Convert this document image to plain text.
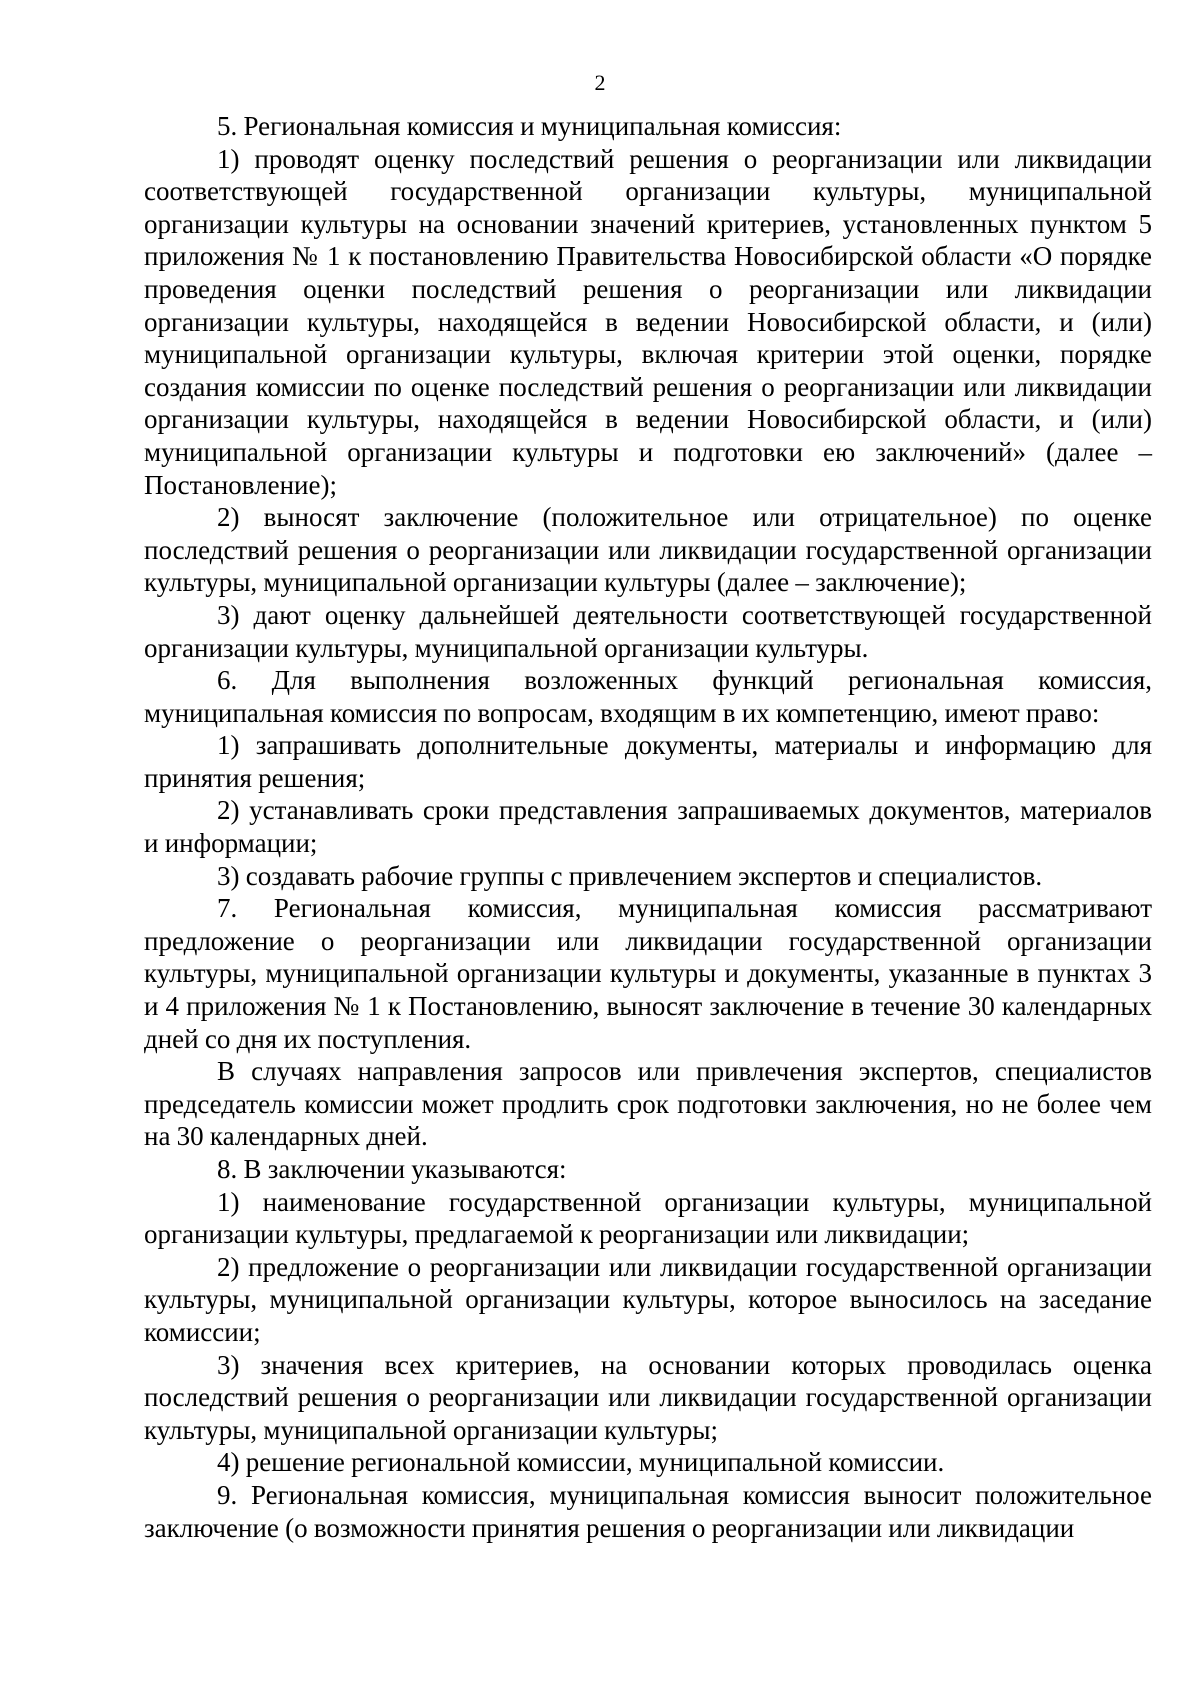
2

5. Региональная комиссия и муниципальная комиссия:

1) проводят оценку последствий решения о реорганизации или ликвидации соответствующей государственной организации культуры, муниципальной организации культуры на основании значений критериев, установленных пунктом 5 приложения № 1 к постановлению Правительства Новосибирской области «О порядке проведения оценки последствий решения о реорганизации или ликвидации организации культуры, находящейся в ведении Новосибирской области, и (или) муниципальной организации культуры, включая критерии этой оценки, порядке создания комиссии по оценке последствий решения о реорганизации или ликвидации организации культуры, находящейся в ведении Новосибирской области, и (или) муниципальной организации культуры и подготовки ею заключений» (далее – Постановление);

2) выносят заключение (положительное или отрицательное) по оценке последствий решения о реорганизации или ликвидации государственной организации культуры, муниципальной организации культуры (далее – заключение);

3) дают оценку дальнейшей деятельности соответствующей государственной организации культуры, муниципальной организации культуры.

6. Для выполнения возложенных функций региональная комиссия, муниципальная комиссия по вопросам, входящим в их компетенцию, имеют право:

1) запрашивать дополнительные документы, материалы и информацию для принятия решения;

2) устанавливать сроки представления запрашиваемых документов, материалов и информации;

3) создавать рабочие группы с привлечением экспертов и специалистов.

7. Региональная комиссия, муниципальная комиссия рассматривают предложение о реорганизации или ликвидации государственной организации культуры, муниципальной организации культуры и документы, указанные в пунктах 3 и 4 приложения № 1 к Постановлению, выносят заключение в течение 30 календарных дней со дня их поступления.

В случаях направления запросов или привлечения экспертов, специалистов председатель комиссии может продлить срок подготовки заключения, но не более чем на 30 календарных дней.

8. В заключении указываются:

1) наименование государственной организации культуры, муниципальной организации культуры, предлагаемой к реорганизации или ликвидации;

2) предложение о реорганизации или ликвидации государственной организации культуры, муниципальной организации культуры, которое выносилось на заседание комиссии;

3) значения всех критериев, на основании которых проводилась оценка последствий решения о реорганизации или ликвидации государственной организации культуры, муниципальной организации культуры;

4) решение региональной комиссии, муниципальной комиссии.

9. Региональная комиссия, муниципальная комиссия выносит положительное заключение (о возможности принятия решения о реорганизации или ликвидации
